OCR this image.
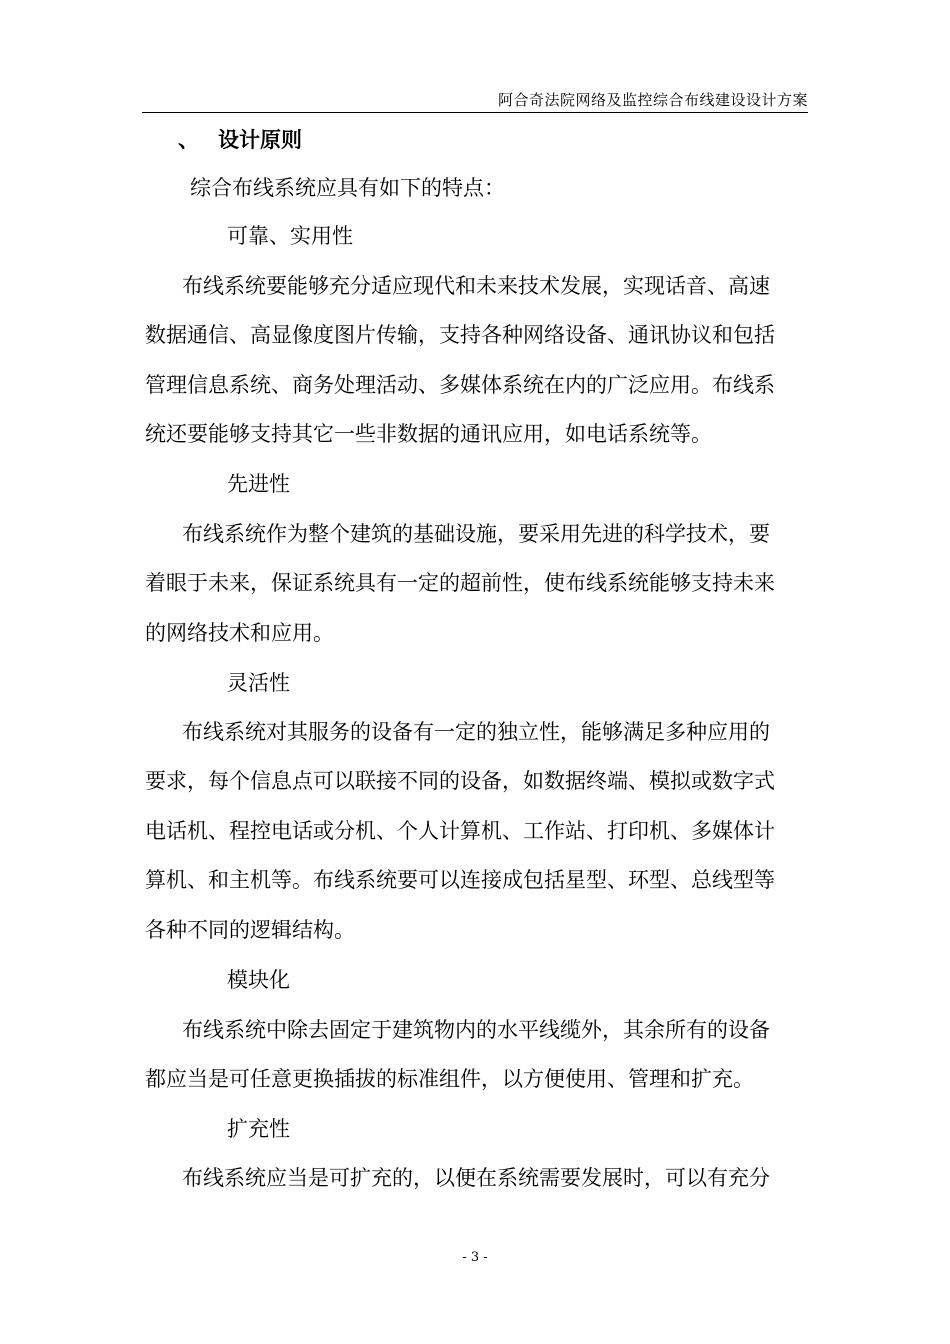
阿合奇法院网络及监控综合布线建设设计方案
、 设计原则
综合布线系统应具有如下的特点：
可靠、实用性
布线系统要能够充分适应现代和未来技术发展，实现话音、高速
数据通信、高显像度图片传输，支持各种网络设备、通讯协议和包括
管理信息系统、商务处理活动、多媒体系统在内的广泛应用。布线系
统还要能够支持其它一些非数据的通讯应用，如电话系统等。
先进性
布线系统作为整个建筑的基础设施，要采用先进的科学技术，要
着眼于未来，保证系统具有一定的超前性，使布线系统能够支持未来
的网络技术和应用。
灵活性
布线系统对其服务的设备有一定的独立性，能够满足多种应用的
要求，每个信息点可以联接不同的设备，如数据终端、模拟或数字式
电话机、程控电话或分机、个人计算机、工作站、打印机、多媒体计
算机、和主机等。布线系统要可以连接成包括星型、环型、总线型等
各种不同的逻辑结构。
模块化
布线系统中除去固定于建筑物内的水平线缆外，其余所有的设备
都应当是可任意更换插拔的标准组件，以方便使用、管理和扩充。
扩充性
布线系统应当是可扩充的，以便在系统需要发展时，可以有充分
- 3 -
